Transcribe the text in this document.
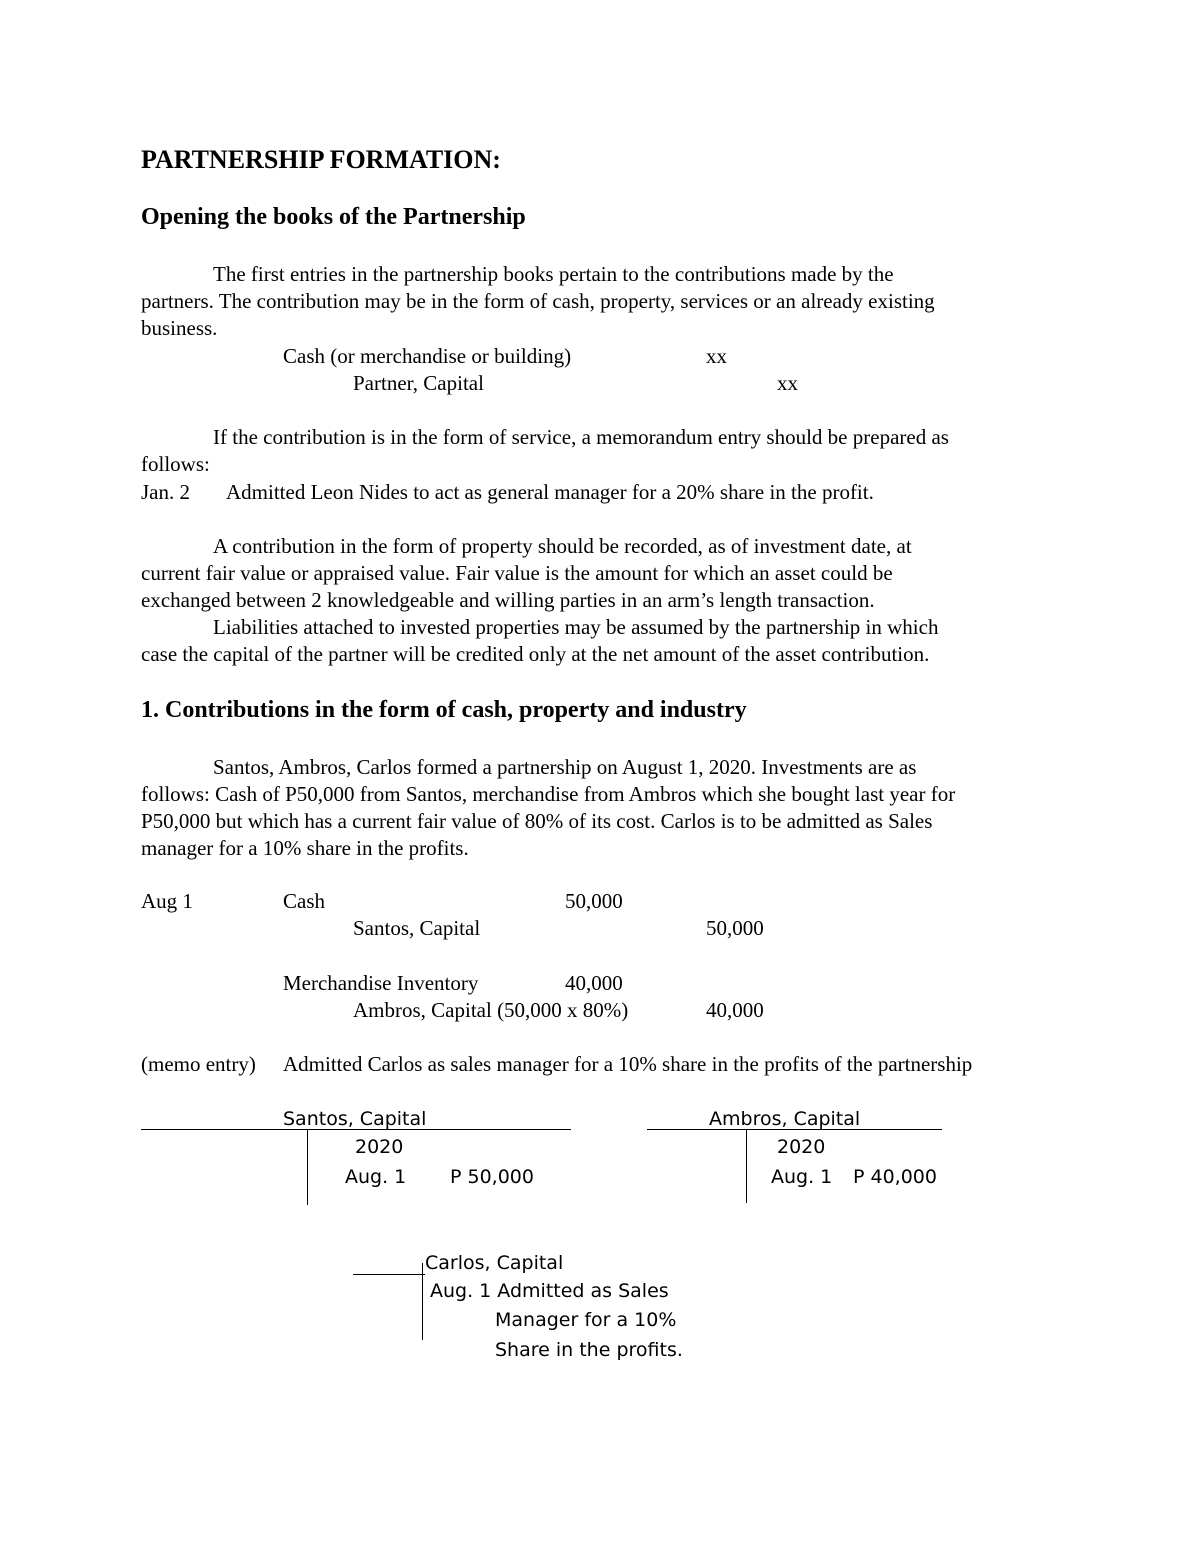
PARTNERSHIP FORMATION:
Opening the books of the Partnership
The first entries in the partnership books pertain to the contributions made by the
partners. The contribution may be in the form of cash, property, services or an already existing
business.
Cash (or merchandise or building)	xx
Partner, Capital	xx
If the contribution is in the form of service, a memorandum entry should be prepared as
follows:
Jan. 2 Admitted Leon Nides to act as general manager for a 20% share in the profit.
A contribution in the form of property should be recorded, as of investment date, at
current fair value or appraised value. Fair value is the amount for which an asset could be
exchanged between 2 knowledgeable and willing parties in an arm’s length transaction.
Liabilities attached to invested properties may be assumed by the partnership in which
case the capital of the partner will be credited only at the net amount of the asset contribution.
1. Contributions in the form of cash, property and industry
Santos, Ambros, Carlos formed a partnership on August 1, 2020. Investments are as
follows: Cash of P50,000 from Santos, merchandise from Ambros which she bought last year for
P50,000 but which has a current fair value of 80% of its cost. Carlos is to be admitted as Sales
manager for a 10% share in the profits.
Aug 1	Cash	50,000
Santos, Capital	50,000
Merchandise Inventory	40,000
Ambros, Capital (50,000 x 80%)	40,000
(memo entry) Admitted Carlos as sales manager for a 10% share in the profits of the partnership
Santos, Capital
2020
Aug. 1 P 50,000
Ambros, Capital
2020
Aug. 1 P 40,000
Carlos, Capital
Aug. 1 Admitted as Sales
Manager for a 10%
Share in the profits.
